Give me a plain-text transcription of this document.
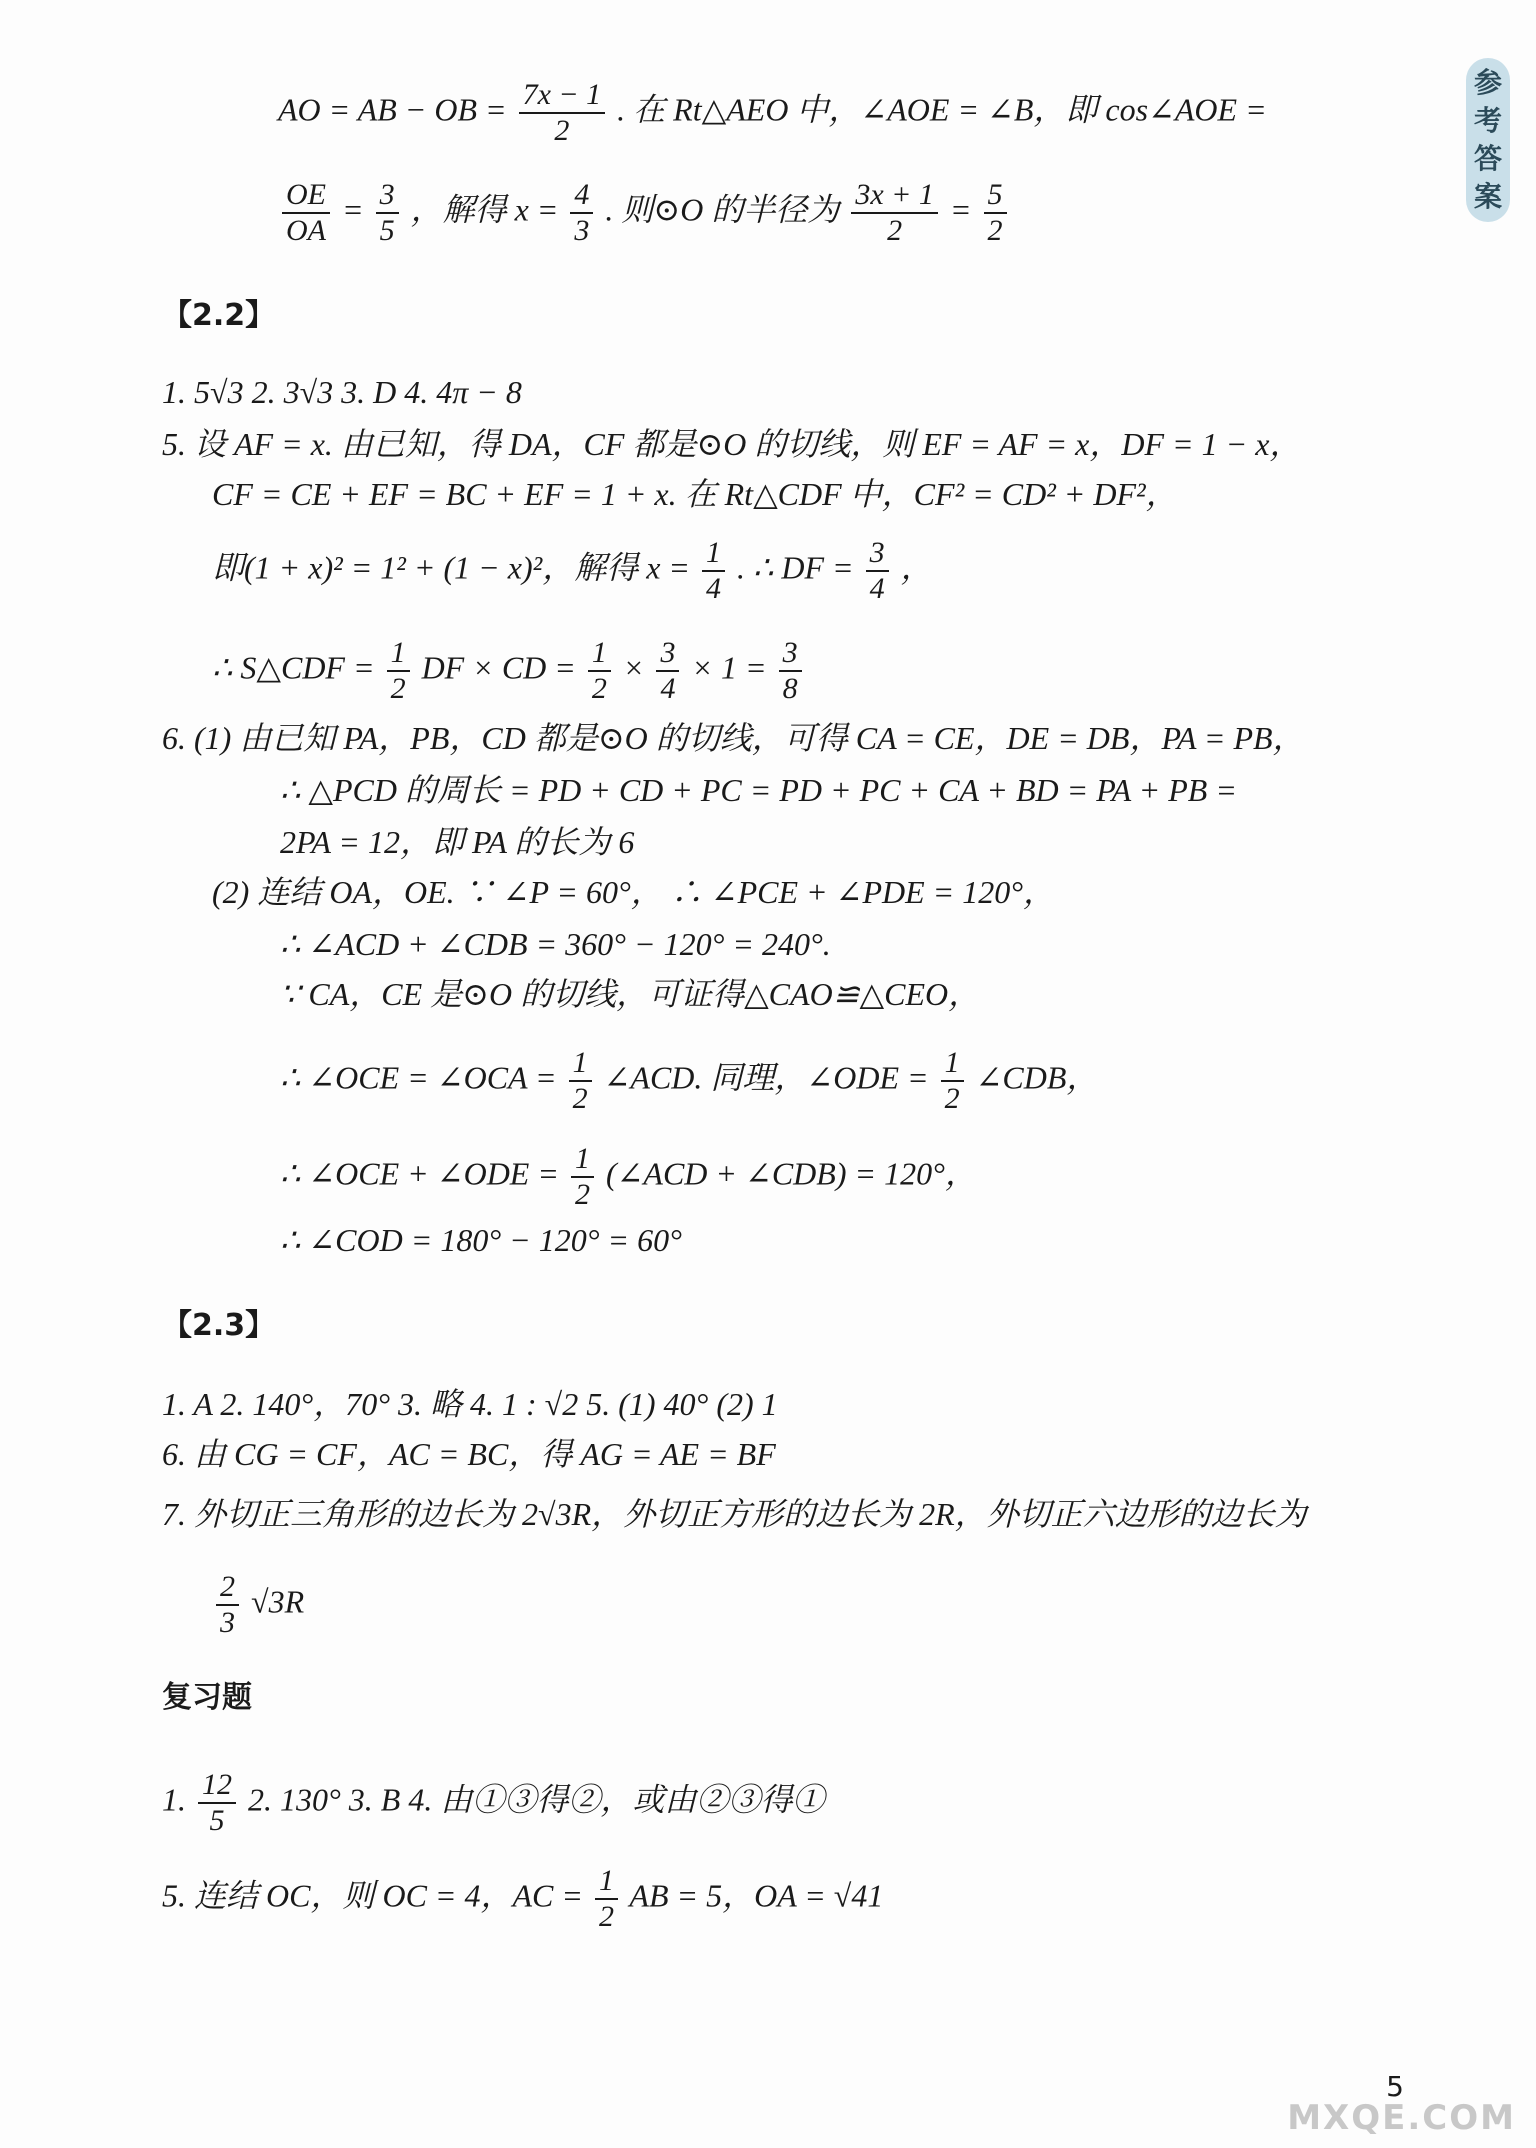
参
考
答
案
AO = AB − OB = $\frac{7x - 1}{2}$ . 在 Rt△AEO 中，∠AOE = ∠B，即 cos∠AOE =
$\frac{OE}{OA} = \frac{3}{5}$ ，解得 $x = \frac{4}{3}$ . 则⊙O 的半径为 $\frac{3x + 1}{2} = \frac{5}{2}$
【2.2】
1. 5√3 2. 3√3 3. D 4. 4π − 8
5. 设 AF = x. 由已知，得 DA，CF 都是⊙O 的切线，则 EF = AF = x，DF = 1 − x，
CF = CE + EF = BC + EF = 1 + x. 在 Rt△CDF 中，CF² = CD² + DF²，
即(1 + x)² = 1² + (1 − x)²，解得 $x = \frac{1}{4}$ . ∴ DF = $\frac{3}{4}$ ，
∴ S△CDF = $\frac{1}{2}$ DF × CD = $\frac{1}{2} \times \frac{3}{4} \times 1 = \frac{3}{8}$
6. (1) 由已知 PA，PB，CD 都是⊙O 的切线，可得 CA = CE，DE = DB，PA = PB，
∴ △PCD 的周长 = PD + CD + PC = PD + PC + CA + BD = PA + PB =
2PA = 12，即 PA 的长为 6
(2) 连结 OA，OE. ∵ ∠P = 60°， ∴ ∠PCE + ∠PDE = 120°，
∴ ∠ACD + ∠CDB = 360° − 120° = 240°.
∵ CA，CE 是⊙O 的切线，可证得△CAO≌△CEO，
∴ ∠OCE = ∠OCA = $\frac{1}{2}$ ∠ACD. 同理，∠ODE = $\frac{1}{2}$ ∠CDB，
∴ ∠OCE + ∠ODE = $\frac{1}{2}$ (∠ACD + ∠CDB) = 120°，
∴ ∠COD = 180° − 120° = 60°
【2.3】
1. A 2. 140°，70° 3. 略 4. 1 : √2 5. (1) 40° (2) 1
6. 由 CG = CF，AC = BC，得 AG = AE = BF
7. 外切正三角形的边长为 2√3R，外切正方形的边长为 2R，外切正六边形的边长为
$\frac{2}{3} √3R$
复习题
1. $\frac{12}{5} 2$. 130° 3. B 4. 由①③得②，或由②③得①
5. 连结 OC，则 OC = 4，AC = $\frac{1}{2}$ AB = 5，OA = √41
5
MXQE.COM
